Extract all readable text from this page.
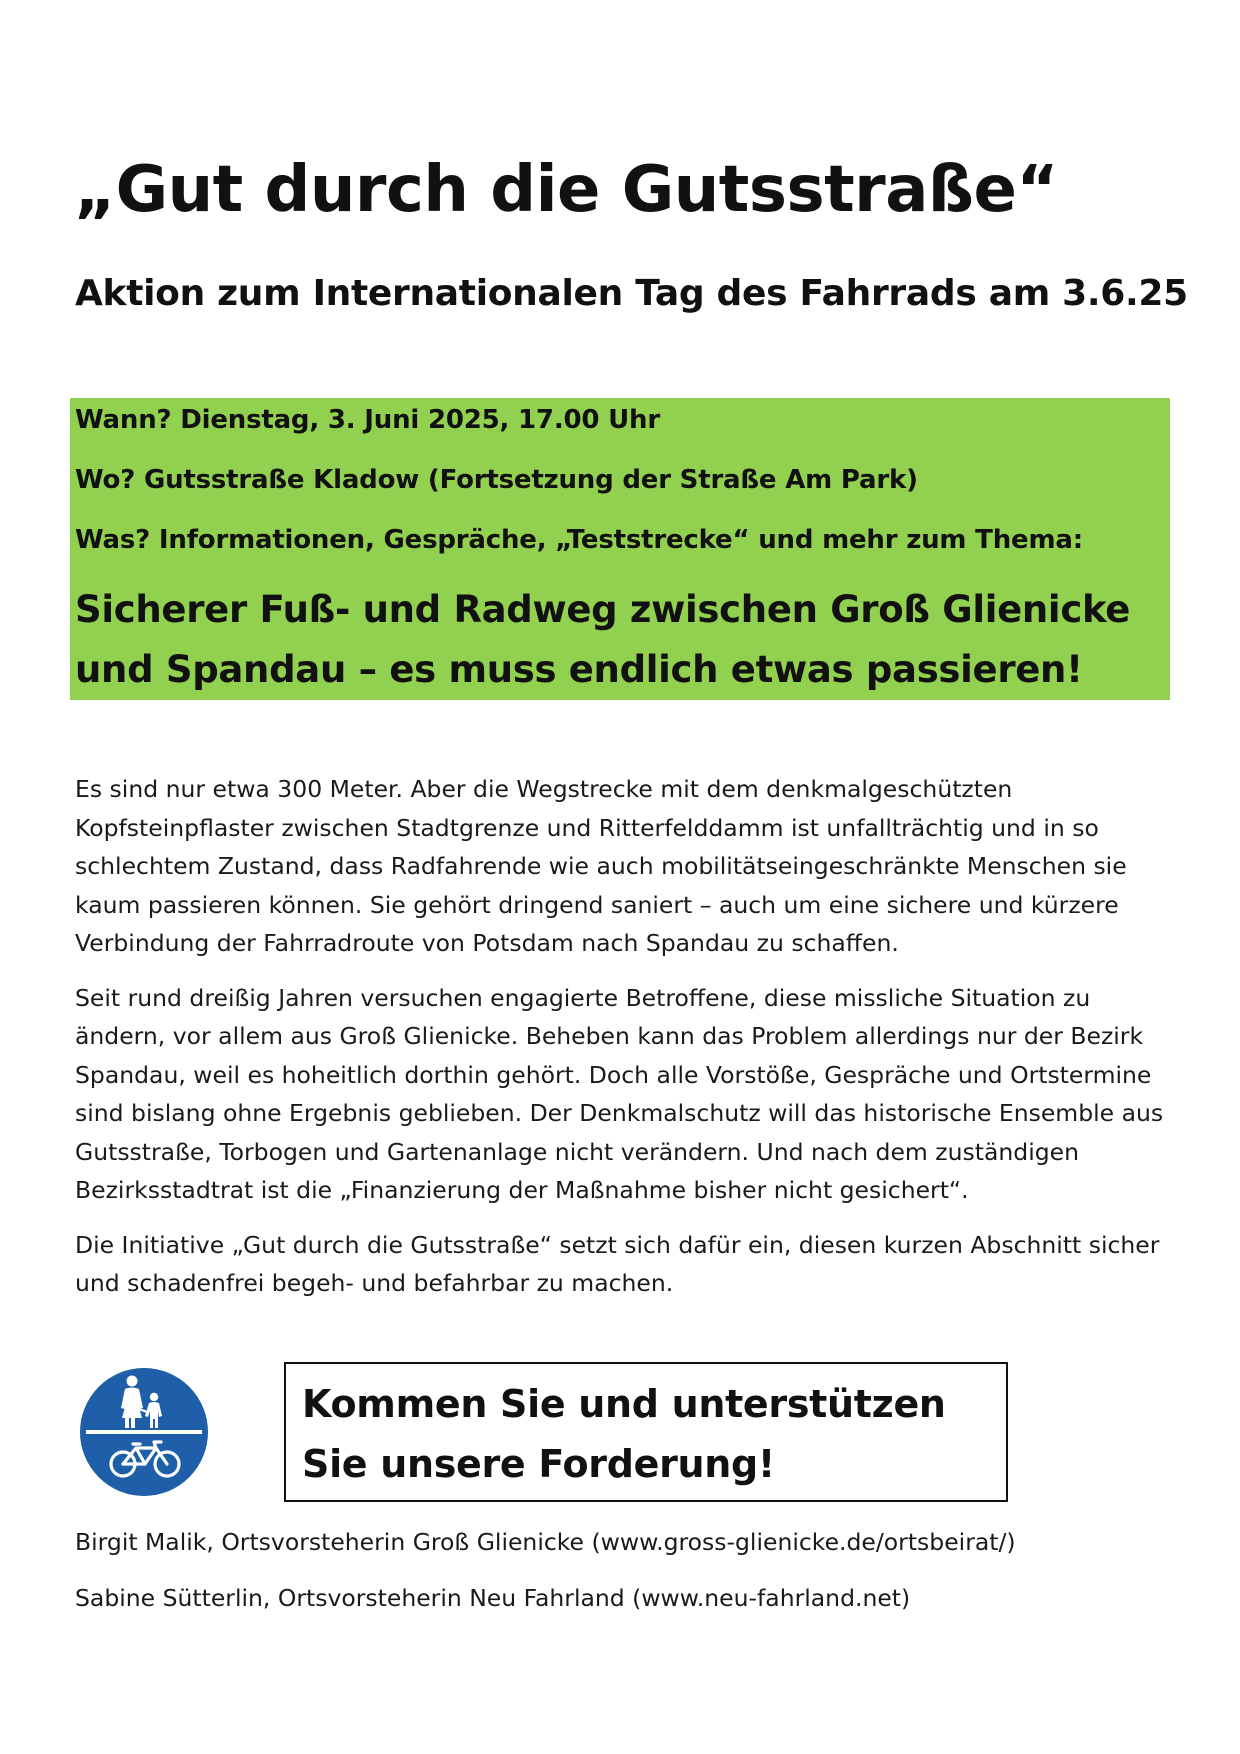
„Gut durch die Gutsstraße“
Aktion zum Internationalen Tag des Fahrrads am 3.6.25

Wann? Dienstag, 3. Juni 2025, 17.00 Uhr

Wo? Gutsstraße Kladow (Fortsetzung der Straße Am Park)

Was? Informationen, Gespräche, „Teststrecke“ und mehr zum Thema:

Sicherer Fuß- und Radweg zwischen Groß Glienicke und Spandau – es muss endlich etwas passieren!

Es sind nur etwa 300 Meter. Aber die Wegstrecke mit dem denkmalgeschützten Kopfsteinpflaster zwischen Stadtgrenze und Ritterfelddamm ist unfallträchtig und in so schlechtem Zustand, dass Radfahrende wie auch mobilitätseingeschränkte Menschen sie kaum passieren können. Sie gehört dringend saniert – auch um eine sichere und kürzere Verbindung der Fahrradroute von Potsdam nach Spandau zu schaffen.

Seit rund dreißig Jahren versuchen engagierte Betroffene, diese missliche Situation zu ändern, vor allem aus Groß Glienicke. Beheben kann das Problem allerdings nur der Bezirk Spandau, weil es hoheitlich dorthin gehört. Doch alle Vorstöße, Gespräche und Ortstermine sind bislang ohne Ergebnis geblieben. Der Denkmalschutz will das historische Ensemble aus Gutsstraße, Torbogen und Gartenanlage nicht verändern. Und nach dem zuständigen Bezirksstadtrat ist die „Finanzierung der Maßnahme bisher nicht gesichert“.

Die Initiative „Gut durch die Gutsstraße“ setzt sich dafür ein, diesen kurzen Abschnitt sicher und schadenfrei begeh- und befahrbar zu machen.

Kommen Sie und unterstützen Sie unsere Forderung!

Birgit Malik, Ortsvorsteherin Groß Glienicke (www.gross-glienicke.de/ortsbeirat/)

Sabine Sütterlin, Ortsvorsteherin Neu Fahrland (www.neu-fahrland.net)
